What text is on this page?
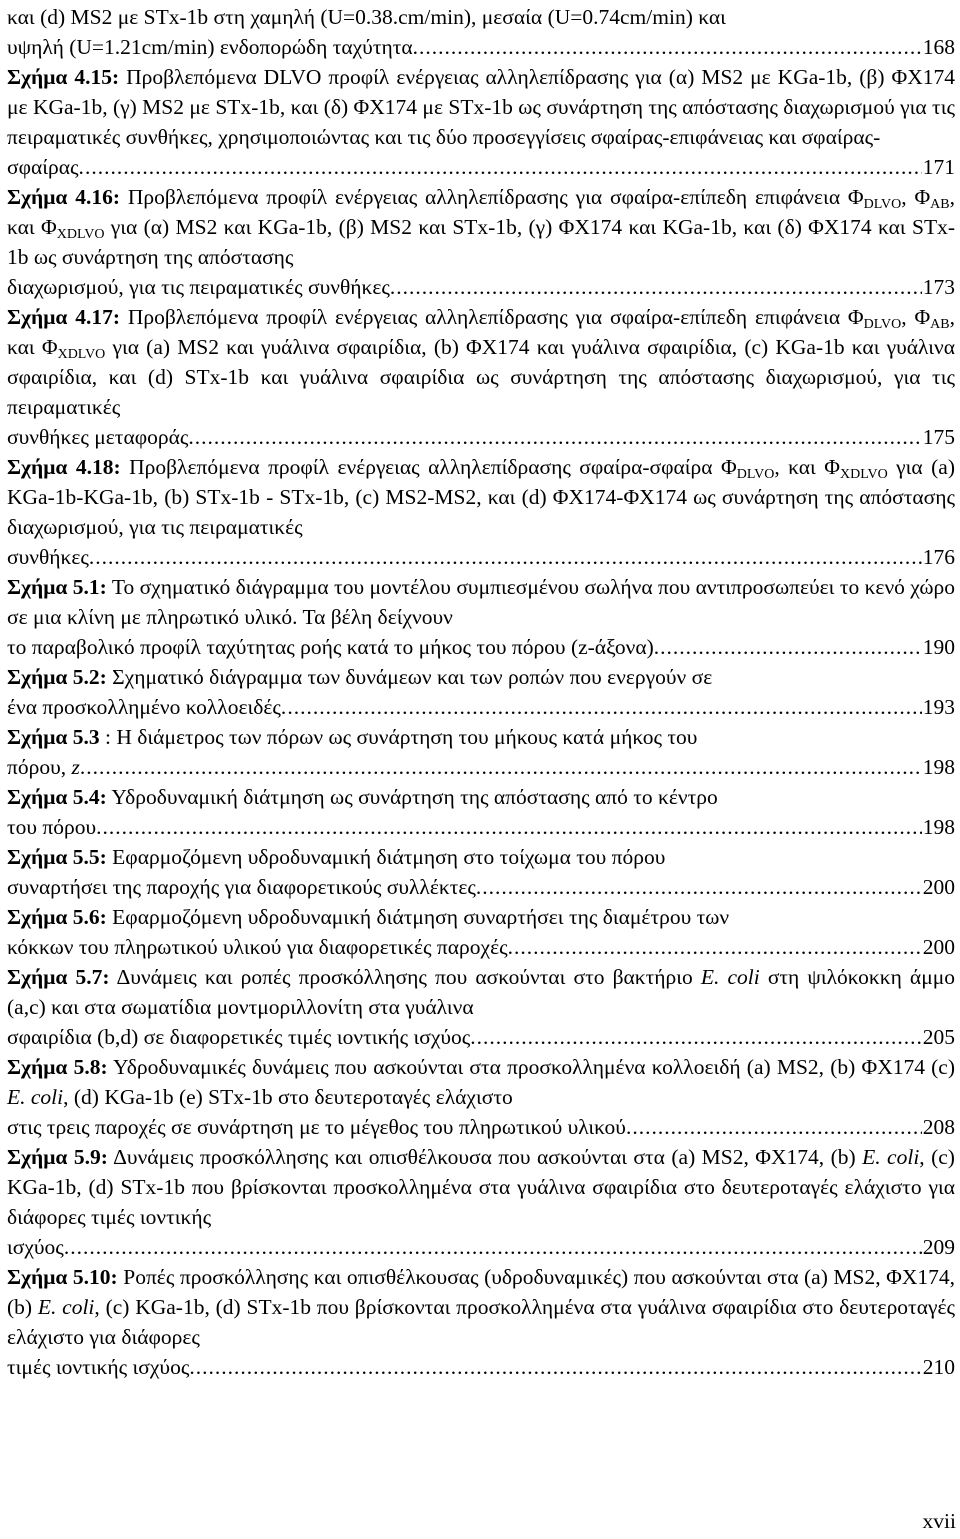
και (d) MS2 με STx-1b στη χαμηλή (U=0.38.cm/min), μεσαία (U=0.74cm/min) και
υψηλή (U=1.21cm/min) ενδοπορώδη ταχύτητα. .....	168
Σχήμα 4.15: Προβλεπόμενα DLVO προφίλ ενέργειας αλληλεπίδρασης για (α) MS2 με KGa-1b, (β) ΦΧ174 με KGa-1b, (γ) MS2 με STx-1b, και (δ) ΦΧ174 με STx-1b ως συνάρτηση της απόστασης διαχωρισμού για τις πειραματικές συνθήκες, χρησιμοποιώντας και τις δύο προσεγγίσεις σφαίρας-επιφάνειας και σφαίρας-
σφαίρας. .....	171
Σχήμα 4.16: Προβλεπόμενα προφίλ ενέργειας αλληλεπίδρασης για σφαίρα-επίπεδη επιφάνεια $\Phi_{DLVO}$, $\Phi_{AB}$, και $\Phi_{XDLVO}$ για (α) MS2 και KGa-1b, (β) MS2 και STx-1b, (γ) ΦΧ174 και KGa-1b, και (δ) ΦΧ174 και STx-1b ως συνάρτηση της απόστασης
διαχωρισμού, για τις πειραματικές συνθήκες. .....	173
Σχήμα 4.17: Προβλεπόμενα προφίλ ενέργειας αλληλεπίδρασης για σφαίρα-επίπεδη επιφάνεια $\Phi_{DLVO}$, $\Phi_{AB}$, και $\Phi_{XDLVO}$ για (a) MS2 και γυάλινα σφαιρίδια, (b) ΦΧ174 και γυάλινα σφαιρίδια, (c) KGa-1b και γυάλινα σφαιρίδια, και (d) STx-1b και γυάλινα σφαιρίδια ως συνάρτηση της απόστασης διαχωρισμού, για τις πειραματικές
συνθήκες μεταφοράς. .....	175
Σχήμα 4.18: Προβλεπόμενα προφίλ ενέργειας αλληλεπίδρασης σφαίρα-σφαίρα $\Phi_{DLVO}$, και $\Phi_{XDLVO}$ για (a) KGa-1b-KGa-1b, (b) STx-1b - STx-1b, (c) MS2-MS2, και (d) ΦΧ174-ΦΧ174 ως συνάρτηση της απόστασης διαχωρισμού, για τις πειραματικές
συνθήκες. .....	176
Σχήμα 5.1: Το σχηματικό διάγραμμα του μοντέλου συμπιεσμένου σωλήνα που αντιπροσωπεύει το κενό χώρο σε μια κλίνη με πληρωτικό υλικό. Τα βέλη δείχνουν
το παραβολικό προφίλ ταχύτητας ροής κατά το μήκος του πόρου (z-άξονα). .....	190
Σχήμα 5.2: Σχηματικό διάγραμμα των δυνάμεων και των ροπών που ενεργούν σε
ένα προσκολλημένο κολλοειδές. .....	193
Σχήμα 5.3 : Η διάμετρος των πόρων ως συνάρτηση του μήκους κατά μήκος του
πόρου, z. .....	198
Σχήμα 5.4: Υδροδυναμική διάτμηση ως συνάρτηση της απόστασης από το κέντρο
του πόρου. .....	198
Σχήμα 5.5: Εφαρμοζόμενη υδροδυναμική διάτμηση στο τοίχωμα του πόρου
συναρτήσει της παροχής για διαφορετικούς συλλέκτες. .....	200
Σχήμα 5.6: Εφαρμοζόμενη υδροδυναμική διάτμηση συναρτήσει της διαμέτρου των
κόκκων του πληρωτικού υλικού για διαφορετικές παροχές. .....	200
Σχήμα 5.7: Δυνάμεις και ροπές προσκόλλησης που ασκούνται στο βακτήριο E. coli στη ψιλόκοκκη άμμο (a,c) και στα σωματίδια μοντμοριλλονίτη στα γυάλινα
σφαιρίδια (b,d) σε διαφορετικές τιμές ιοντικής ισχύος. .....	205
Σχήμα 5.8: Υδροδυναμικές δυνάμεις που ασκούνται στα προσκολλημένα κολλοειδή (a) MS2, (b) ΦΧ174 (c) E. coli, (d) KGa-1b (e) STx-1b στο δευτεροταγές ελάχιστο
στις τρεις παροχές σε συνάρτηση με το μέγεθος του πληρωτικού υλικού. .....	208
Σχήμα 5.9: Δυνάμεις προσκόλλησης και οπισθέλκουσα που ασκούνται στα (a) MS2, ΦΧ174, (b) E. coli, (c) KGa-1b, (d) STx-1b που βρίσκονται προσκολλημένα στα γυάλινα σφαιρίδια στο δευτεροταγές ελάχιστο για διάφορες τιμές ιοντικής
ισχύος. .....	209
Σχήμα 5.10: Ροπές προσκόλλησης και οπισθέλκουσας (υδροδυναμικές) που ασκούνται στα (a) MS2, ΦΧ174, (b) E. coli, (c) KGa-1b, (d) STx-1b που βρίσκονται προσκολλημένα στα γυάλινα σφαιρίδια στο δευτεροταγές ελάχιστο για διάφορες
τιμές ιοντικής ισχύος. .....	210
xvii
